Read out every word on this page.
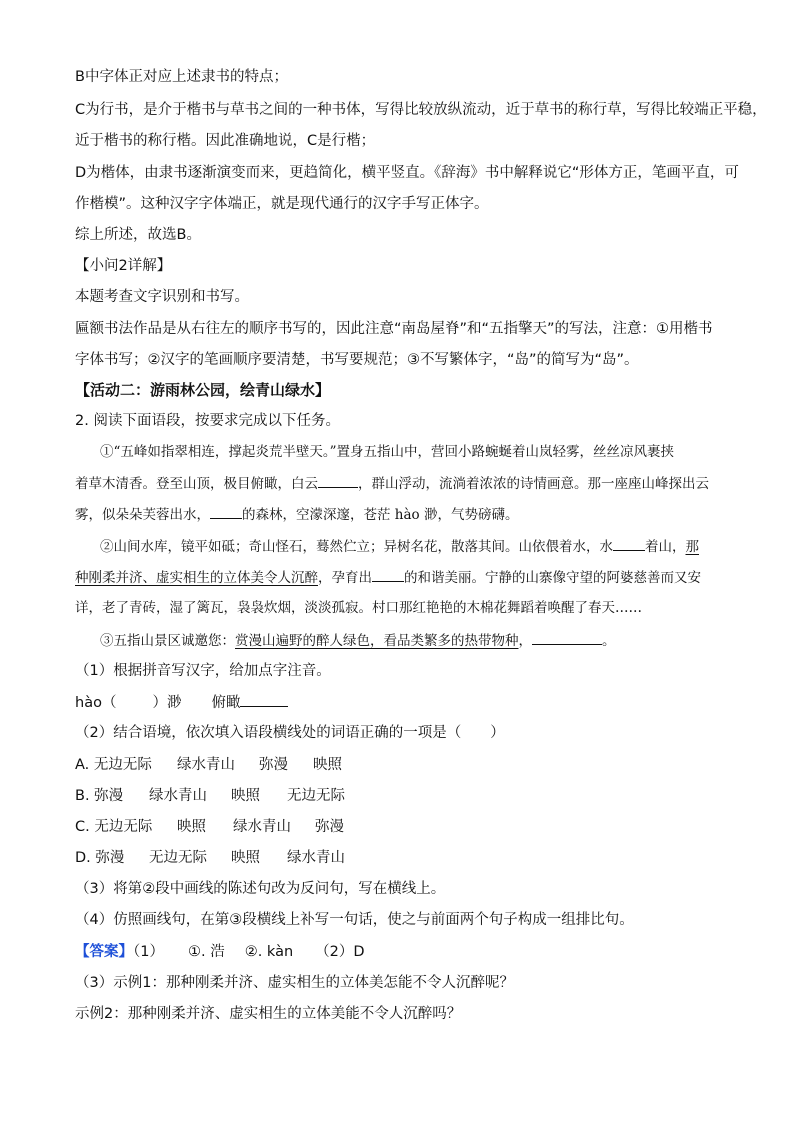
B中字体正对应上述隶书的特点；
C为行书，是介于楷书与草书之间的一种书体，写得比较放纵流动，近于草书的称行草，写得比较端正平稳，
近于楷书的称行楷。因此准确地说，C是行楷；
D为楷体，由隶书逐渐演变而来，更趋简化，横平竖直。《辞海》书中解释说它“形体方正，笔画平直，可
作楷模”。这种汉字字体端正，就是现代通行的汉字手写正体字。
综上所述，故选B。
【小问2详解】
本题考查文字识别和书写。
匾额书法作品是从右往左的顺序书写的，因此注意“南岛屋脊”和“五指擎天”的写法，注意：①用楷书
字体书写；②汉字的笔画顺序要清楚，书写要规范；③不写繁体字，“岛”的简写为“岛”。
【活动二：游雨林公园，绘青山绿水】
2. 阅读下面语段，按要求完成以下任务。
①“五峰如指翠相连，撑起炎荒半壁天。”置身五指山中，营回小路蜿蜒着山岚轻雾，丝丝凉风裹挟
着草木清香。登至山顶，极目俯瞰，白云	，群山浮动，流淌着浓浓的诗情画意。那一座座山峰探出云
雾，似朵朵芙蓉出水， 的森林，空濛深邃，苍茫 hào 渺，气势磅礴。
②山间水库，镜平如砥；奇山怪石，蓦然伫立；异树名花，散落其间。山依偎着水，水 着山，那
种刚柔并济、虚实相生的立体美令人沉醉，孕育出 的和谐美丽。宁静的山寨像守望的阿婆慈善而又安
详，老了青砖，湿了篱瓦，袅袅炊烟，淡淡孤寂。村口那红艳艳的木棉花舞蹈着唤醒了春天……
③五指山景区诚邀您：赏漫山遍野的醉人绿色，看品类繁多的热带物种，	。
（1）根据拼音写汉字，给加点字注音。
hào（ ）渺 俯瞰
（2）结合语境，依次填入语段横线处的词语正确的一项是（　　）
A. 无边无际 绿水青山 弥漫 映照
B. 弥漫 绿水青山 映照 无边无际
C. 无边无际 映照 绿水青山 弥漫
D. 弥漫 无边无际 映照 绿水青山
（3）将第②段中画线的陈述句改为反问句，写在横线上。
（4）仿照画线句，在第③段横线上补写一句话，使之与前面两个句子构成一组排比句。
【答案】（1） ①. 浩 ②. kàn （2）D
（3）示例1：那种刚柔并济、虚实相生的立体美怎能不令人沉醉呢？
示例2：那种刚柔并济、虚实相生的立体美能不令人沉醉吗？
